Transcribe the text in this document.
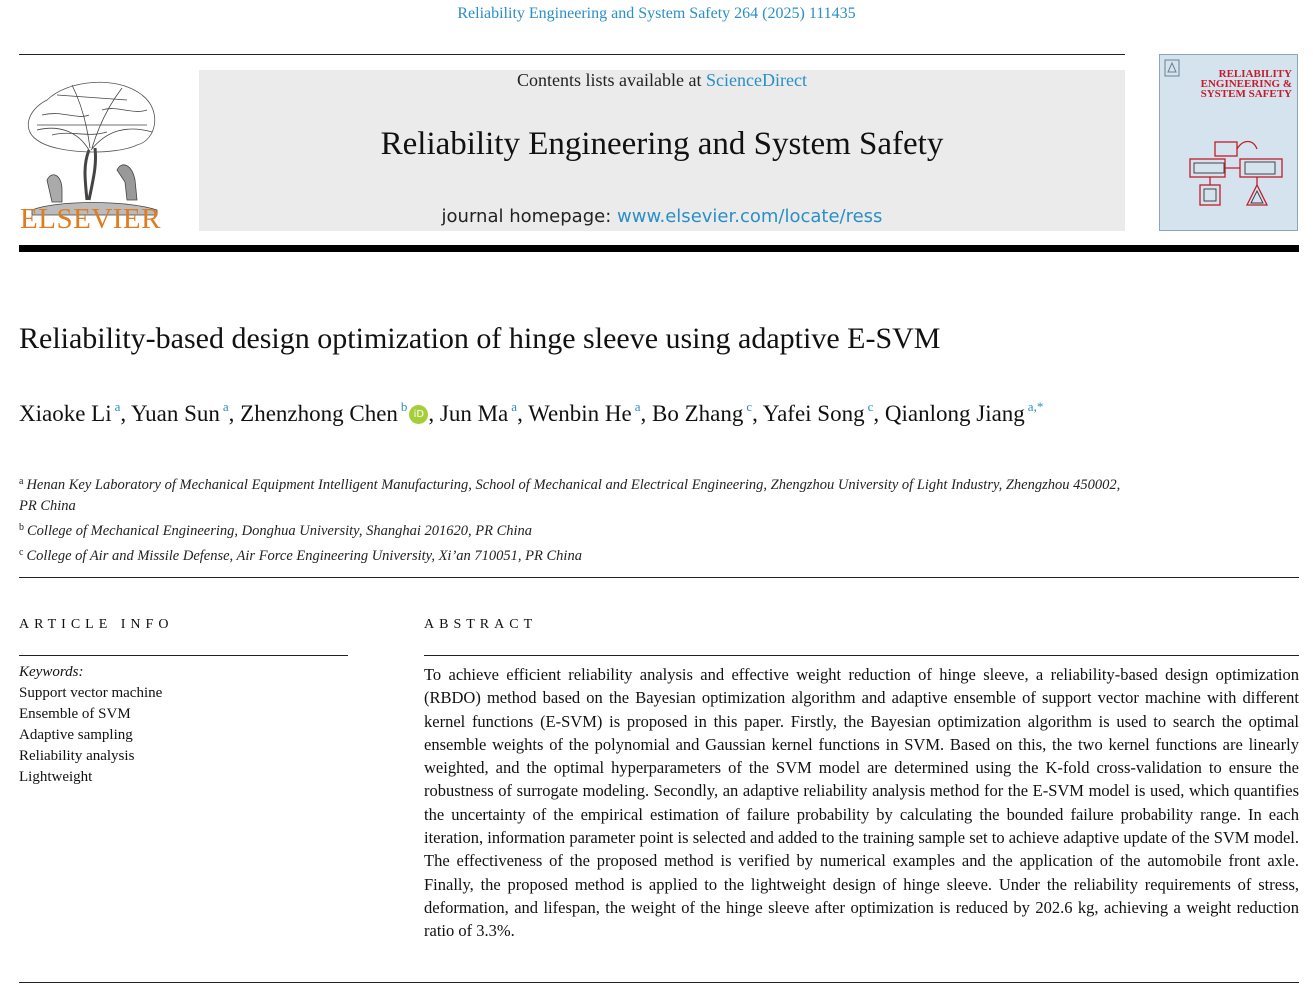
Reliability Engineering and System Safety 264 (2025) 111435
ELSEVIER
Contents lists available at ScienceDirect
Reliability Engineering and System Safety
journal homepage: www.elsevier.com/locate/ress
RELIABILITY ENGINEERING & SYSTEM SAFETY
Reliability-based design optimization of hinge sleeve using adaptive E-SVM
Xiaoke Li $^a$, Yuan Sun $^a$, Zhenzhong Chen $^b$iD , Jun Ma $^a$, Wenbin He $^a$, Bo Zhang $^c$, Yafei Song $^c$, Qianlong Jiang $^{a,*}$
$^a$ Henan Key Laboratory of Mechanical Equipment Intelligent Manufacturing, School of Mechanical and Electrical Engineering, Zhengzhou University of Light Industry, Zhengzhou 450002, PR China
$^b$ College of Mechanical Engineering, Donghua University, Shanghai 201620, PR China
$^c$ College of Air and Missile Defense, Air Force Engineering University, Xi’an 710051, PR China
ARTICLE INFO
Keywords:
Support vector machine
Ensemble of SVM
Adaptive sampling
Reliability analysis
Lightweight
ABSTRACT
To achieve efficient reliability analysis and effective weight reduction of hinge sleeve, a reliability-based design optimization (RBDO) method based on the Bayesian optimization algorithm and adaptive ensemble of support vector machine with different kernel functions (E-SVM) is proposed in this paper. Firstly, the Bayesian optimization algorithm is used to search the optimal ensemble weights of the polynomial and Gaussian kernel functions in SVM. Based on this, the two kernel functions are linearly weighted, and the optimal hyperparameters of the SVM model are determined using the K-fold cross-validation to ensure the robustness of surrogate modeling. Secondly, an adaptive reliability analysis method for the E-SVM model is used, which quantifies the uncertainty of the empirical estimation of failure probability by calculating the bounded failure probability range. In each iteration, information parameter point is selected and added to the training sample set to achieve adaptive update of the SVM model. The effectiveness of the proposed method is verified by numerical examples and the application of the automobile front axle. Finally, the proposed method is applied to the lightweight design of hinge sleeve. Under the reliability requirements of stress, deformation, and lifespan, the weight of the hinge sleeve after optimization is reduced by 202.6 kg, achieving a weight reduction ratio of 3.3%.
